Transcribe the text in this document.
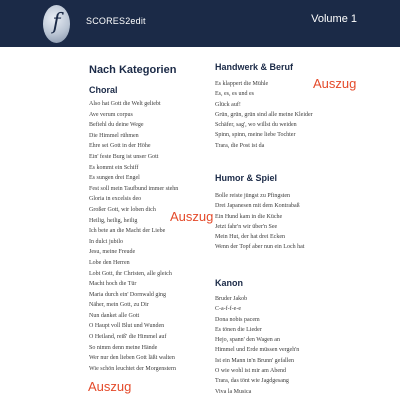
f	SCORES2edit	Volume 1
Nach Kategorien
Choral
Also hat Gott die Welt geliebt
Ave verum corpus
Befiehl du deine Wege
Die Himmel rühmen
Ehre sei Gott in der Höhe
Ein' feste Burg ist unser Gott
Es kommt ein Schiff
Es sungen drei Engel
Fest soll mein Taufbund immer stehn
Gloria in excelsis deo
Großer Gott, wir loben dich
Heilig, heilig, heilig
Ich bete an die Macht der Liebe
In dulci jubilo
Jesu, meine Freude
Lobe den Herren
Lobt Gott, ihr Christen, alle gleich
Macht hoch die Tür
Maria durch ein' Dornwald ging
Näher, mein Gott, zu Dir
Nun danket alle Gott
O Haupt voll Blut und Wunden
O Heiland, reiß' die Himmel auf
So nimm denn meine Hände
Wer nur den lieben Gott läßt walten
Wie schön leuchtet der Morgenstern
Handwerk & Beruf
Es klappert die Mühle
Es, es, es und es
Glück auf!
Grün, grün, grün sind alle meine Kleider
Schäfer, sag', wo willst du weiden
Spinn, spinn, meine liebe Tochter
Trara, die Post ist da
Humor & Spiel
Bolle reiste jüngst zu Pfingsten
Drei Japanesen mit dem Kontrabaß
Ein Hund kam in die Küche
Jetzt fahr'n wir über'n See
Mein Hut, der hat drei Ecken
Wenn der Topf aber nun ein Loch hat
Kanon
Bruder Jakob
C-a-f-f-e-e
Dona nobis pacem
Es tönen die Lieder
Hejo, spann' den Wagen an
Himmel und Erde müssen vergeh'n
Ist ein Mann in'n Brunn' gefallen
O wie wohl ist mir am Abend
Trara, das tönt wie Jagdgesang
Viva la Musica
Auszug
Auszug
Auszug
